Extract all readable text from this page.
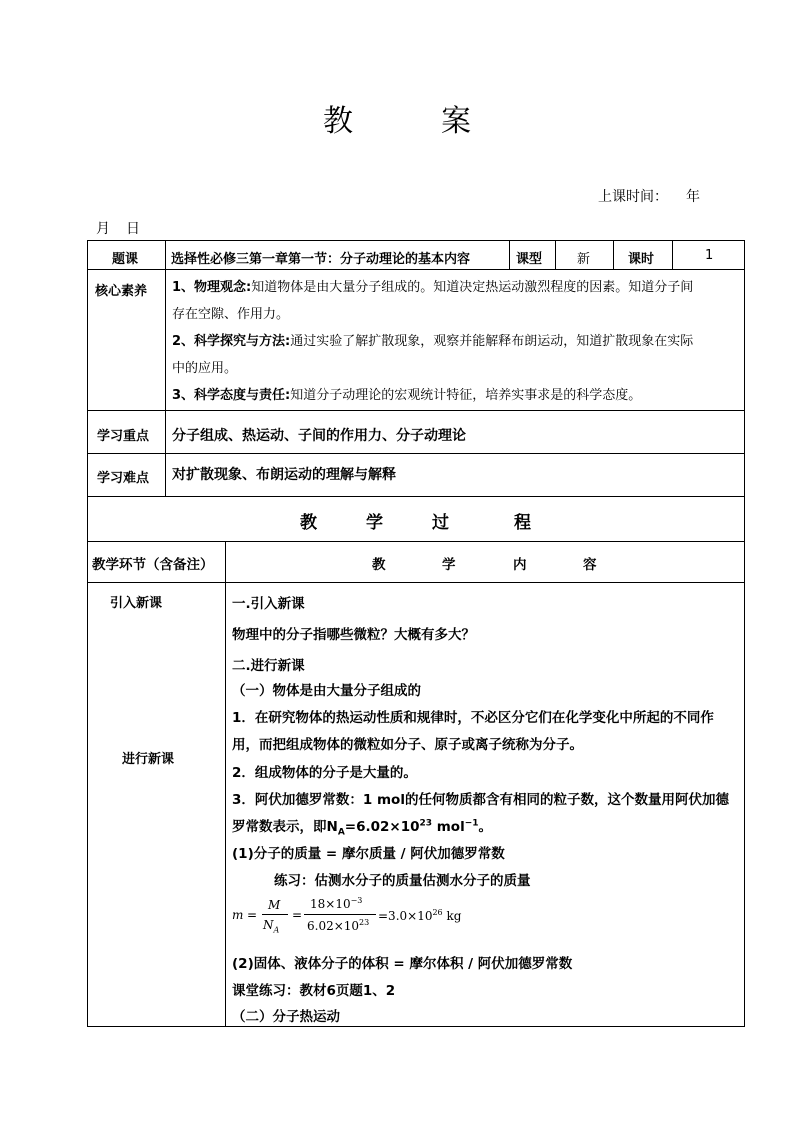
教	案
上课时间： 年
月 日
题课	选择性必修三第一章第一节：分子动理论的基本内容	课型	新	课时	1
核心素养 1、物理观念:知道物体是由大量分子组成的。知道决定热运动激烈程度的因素。知道分子间
存在空隙、作用力。
2、科学探究与方法:通过实验了解扩散现象，观察并能解释布朗运动，知道扩散现象在实际
中的应用。
3、科学态度与责任:知道分子动理论的宏观统计特征，培养实事求是的科学态度。
学习重点 分子组成、热运动、子间的作用力、分子动理论
学习难点 对扩散现象、布朗运动的理解与解释
教	学	过	程
教学环节（含备注）	教	学	内	容
引入新课
进行新课
一.引入新课
物理中的分子指哪些微粒？大概有多大？
二.进行新课
（一）物体是由大量分子组成的
1．在研究物体的热运动性质和规律时，不必区分它们在化学变化中所起的不同作
用，而把组成物体的微粒如分子、原子或离子统称为分子。
2．组成物体的分子是大量的。
3．阿伏加德罗常数：1 mol的任何物质都含有相同的粒子数，这个数量用阿伏加德
罗常数表示，即$N_A=6.02\times 10^{23}$ mol$^{-1}$。
(1)分子的质量 = 摩尔质量 / 阿伏加德罗常数
练习：估测水分子的质量估测水分子的质量
m =
M
$N_A$
=
$18\times 10^{-3}$
$6.02\times 10^{23} =3.0\times 10^{26}$ kg
(2)固体、液体分子的体积 = 摩尔体积 / 阿伏加德罗常数
课堂练习：教材6页题1、2
（二）分子热运动
